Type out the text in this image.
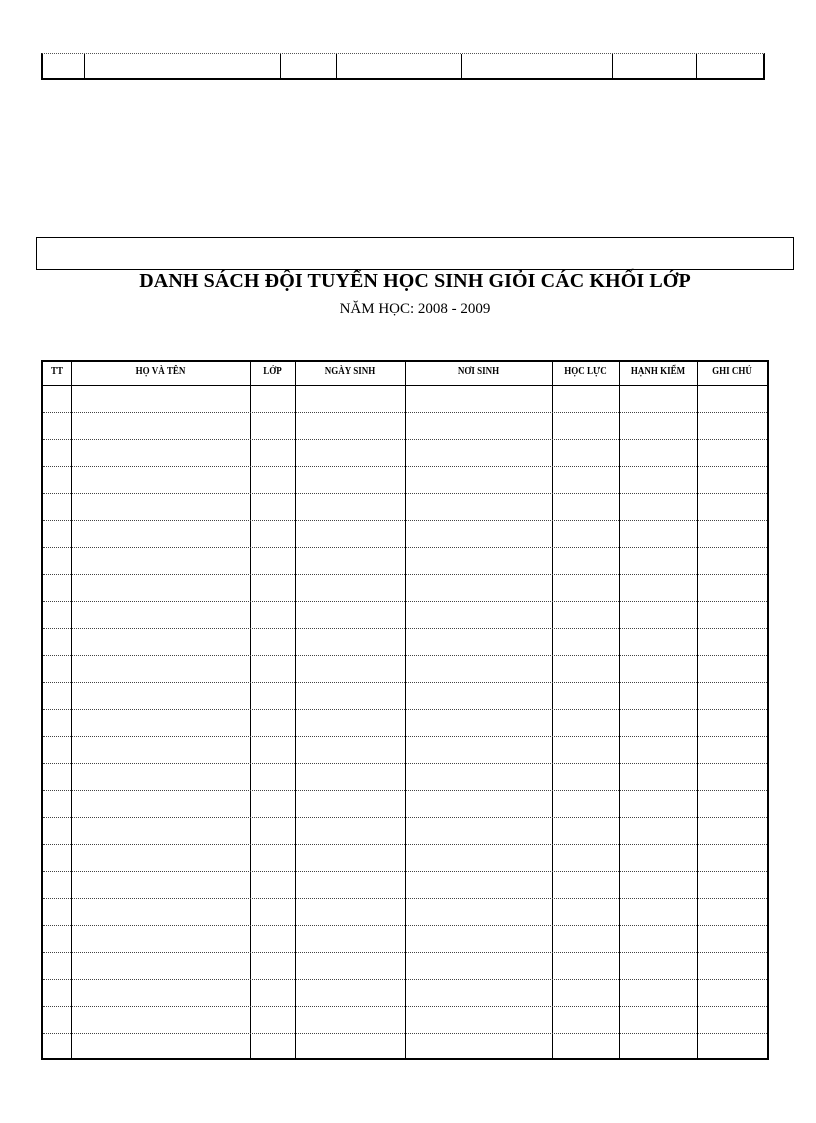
DANH SÁCH ĐỘI TUYỂN HỌC SINH GIỎI CÁC KHỐI LỚP
NĂM HỌC: 2008 - 2009
TT	HỌ VÀ TÊN	LỚP	NGÀY SINH	NƠI SINH	HỌC LỰC	HẠNH KIỂM	GHI CHÚ
